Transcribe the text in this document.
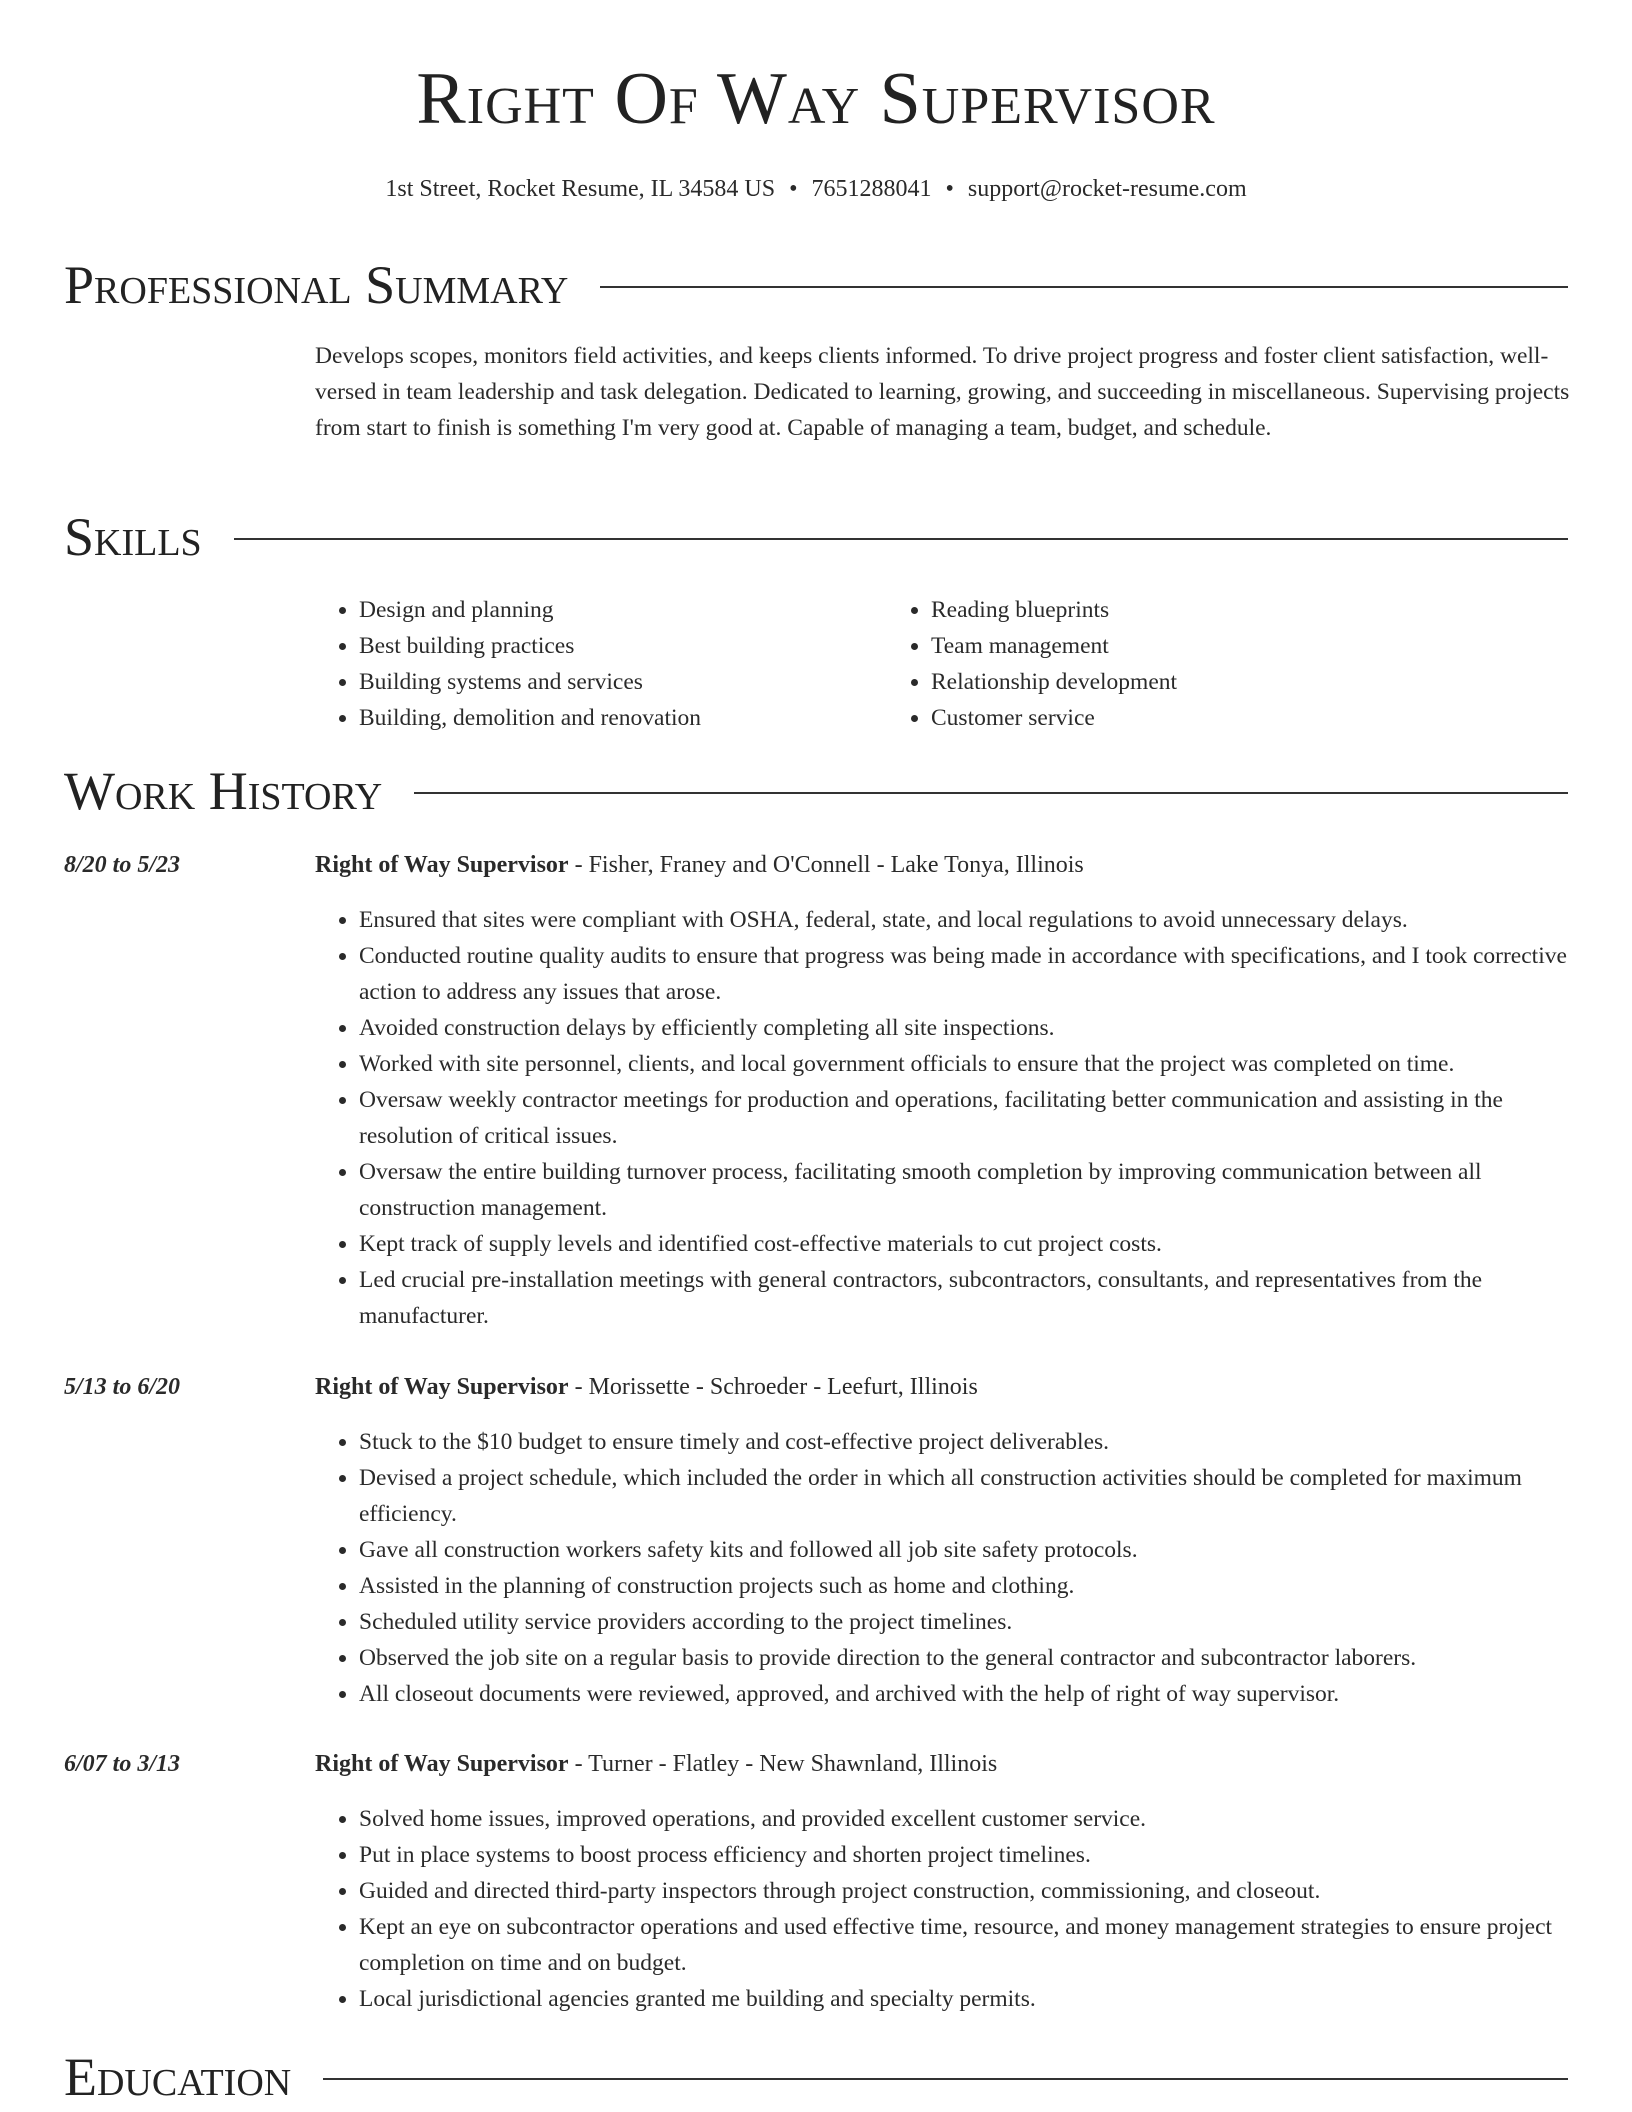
Right Of Way Supervisor
1st Street, Rocket Resume, IL 34584 US • 7651288041 • support@rocket-resume.com
Professional Summary

Develops scopes, monitors field activities, and keeps clients informed. To drive project progress and foster client satisfaction, well-versed in team leadership and task delegation. Dedicated to learning, growing, and succeeding in miscellaneous. Supervising projects from start to finish is something I'm very good at. Capable of managing a team, budget, and schedule.

Skills
• Design and planning
• Best building practices
• Building systems and services
• Building, demolition and renovation
• Reading blueprints
• Team management
• Relationship development
• Customer service
Work History
8/20 to 5/23	Right of Way Supervisor - Fisher, Franey and O'Connell - Lake Tonya, Illinois
• Ensured that sites were compliant with OSHA, federal, state, and local regulations to avoid unnecessary delays.
• Conducted routine quality audits to ensure that progress was being made in accordance with specifications, and I took corrective action to address any issues that arose.
• Avoided construction delays by efficiently completing all site inspections.
• Worked with site personnel, clients, and local government officials to ensure that the project was completed on time.
• Oversaw weekly contractor meetings for production and operations, facilitating better communication and assisting in the resolution of critical issues.
• Oversaw the entire building turnover process, facilitating smooth completion by improving communication between all construction management.
• Kept track of supply levels and identified cost-effective materials to cut project costs.
• Led crucial pre-installation meetings with general contractors, subcontractors, consultants, and representatives from the manufacturer.
5/13 to 6/20	Right of Way Supervisor - Morissette - Schroeder - Leefurt, Illinois
• Stuck to the $10 budget to ensure timely and cost-effective project deliverables.
• Devised a project schedule, which included the order in which all construction activities should be completed for maximum efficiency.
• Gave all construction workers safety kits and followed all job site safety protocols.
• Assisted in the planning of construction projects such as home and clothing.
• Scheduled utility service providers according to the project timelines.
• Observed the job site on a regular basis to provide direction to the general contractor and subcontractor laborers.
• All closeout documents were reviewed, approved, and archived with the help of right of way supervisor.
6/07 to 3/13	Right of Way Supervisor - Turner - Flatley - New Shawnland, Illinois
• Solved home issues, improved operations, and provided excellent customer service.
• Put in place systems to boost process efficiency and shorten project timelines.
• Guided and directed third-party inspectors through project construction, commissioning, and closeout.
• Kept an eye on subcontractor operations and used effective time, resource, and money management strategies to ensure project completion on time and on budget.
• Local jurisdictional agencies granted me building and specialty permits.
Education
